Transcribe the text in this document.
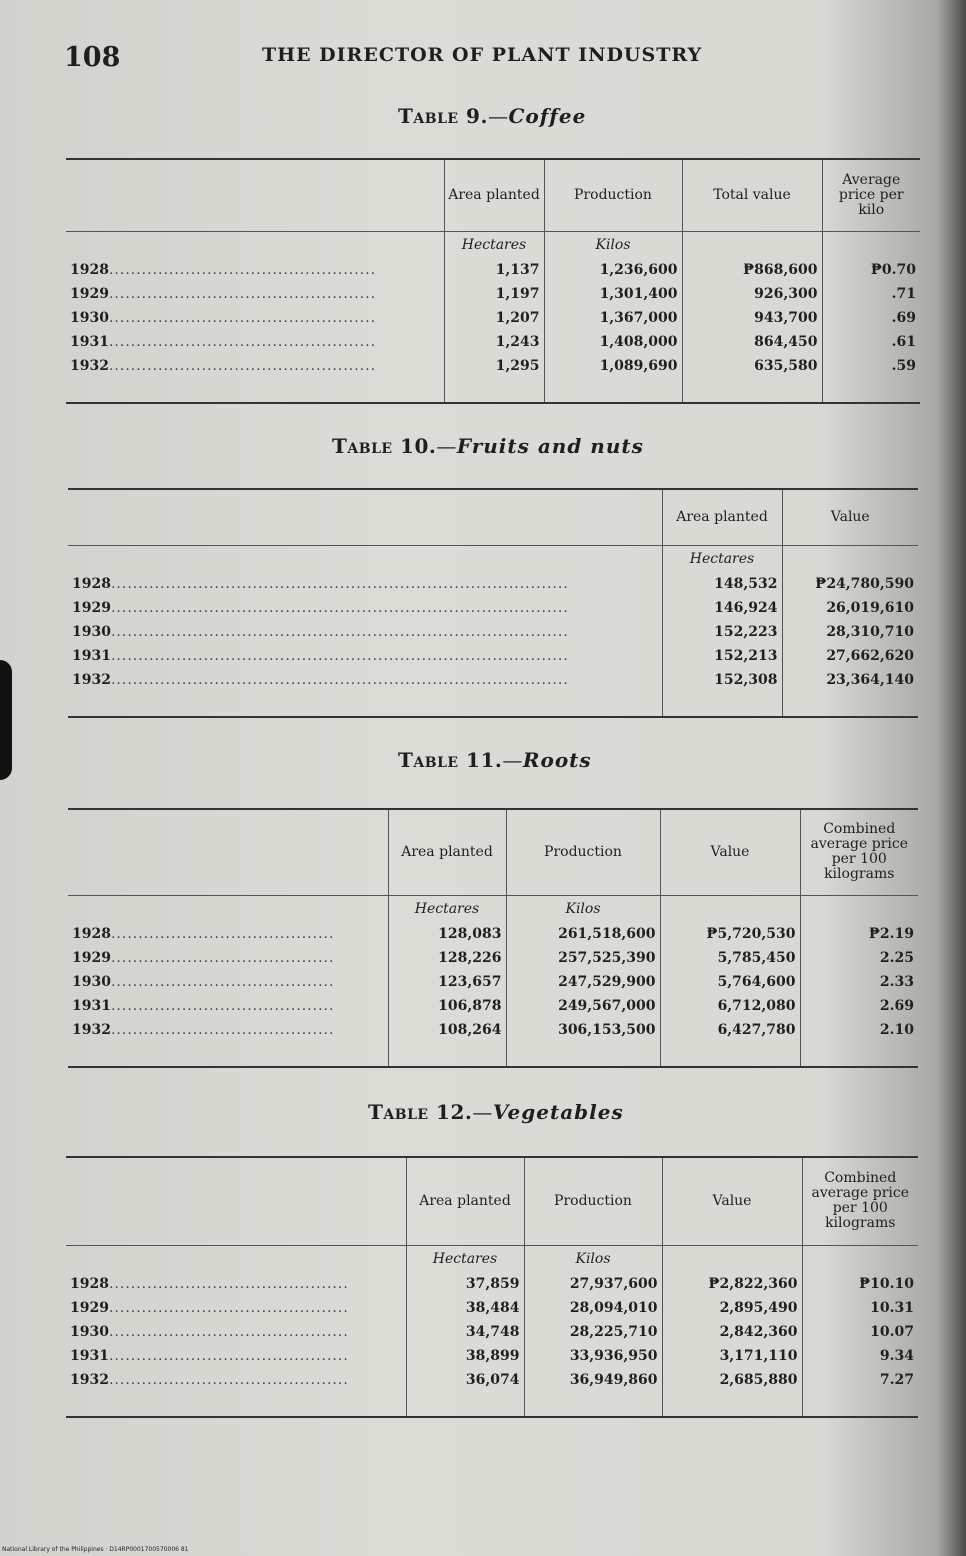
108	THE DIRECTOR OF PLANT INDUSTRY
Table 9.—Coffee
	Area planted	Production	Total value	Average price per kilo
	Hectares	Kilos		
1928.................................................	1,137	1,236,600	₱868,600	₱0.70
1929.................................................	1,197	1,301,400	926,300	.71
1930.................................................	1,207	1,367,000	943,700	.69
1931.................................................	1,243	1,408,000	864,450	.61
1932.................................................	1,295	1,089,690	635,580	.59

Table 10.—Fruits and nuts
	Area planted	Value
	Hectares	
1928....................................................................................	148,532	₱24,780,590
1929....................................................................................	146,924	26,019,610
1930....................................................................................	152,223	28,310,710
1931....................................................................................	152,213	27,662,620
1932....................................................................................	152,308	23,364,140

Table 11.—Roots
	Area planted	Production	Value	Combined average price per 100 kilograms
	Hectares	Kilos		
1928.........................................	128,083	261,518,600	₱5,720,530	₱2.19
1929.........................................	128,226	257,525,390	5,785,450	2.25
1930.........................................	123,657	247,529,900	5,764,600	2.33
1931.........................................	106,878	249,567,000	6,712,080	2.69
1932.........................................	108,264	306,153,500	6,427,780	2.10

Table 12.—Vegetables
	Area planted	Production	Value	Combined average price per 100 kilograms
	Hectares	Kilos		
1928............................................	37,859	27,937,600	₱2,822,360	₱10.10
1929............................................	38,484	28,094,010	2,895,490	10.31
1930............................................	34,748	28,225,710	2,842,360	10.07
1931............................................	38,899	33,936,950	3,171,110	9.34
1932............................................	36,074	36,949,860	2,685,880	7.27

National Library of the Philippines · D14RP0001700570006 81
